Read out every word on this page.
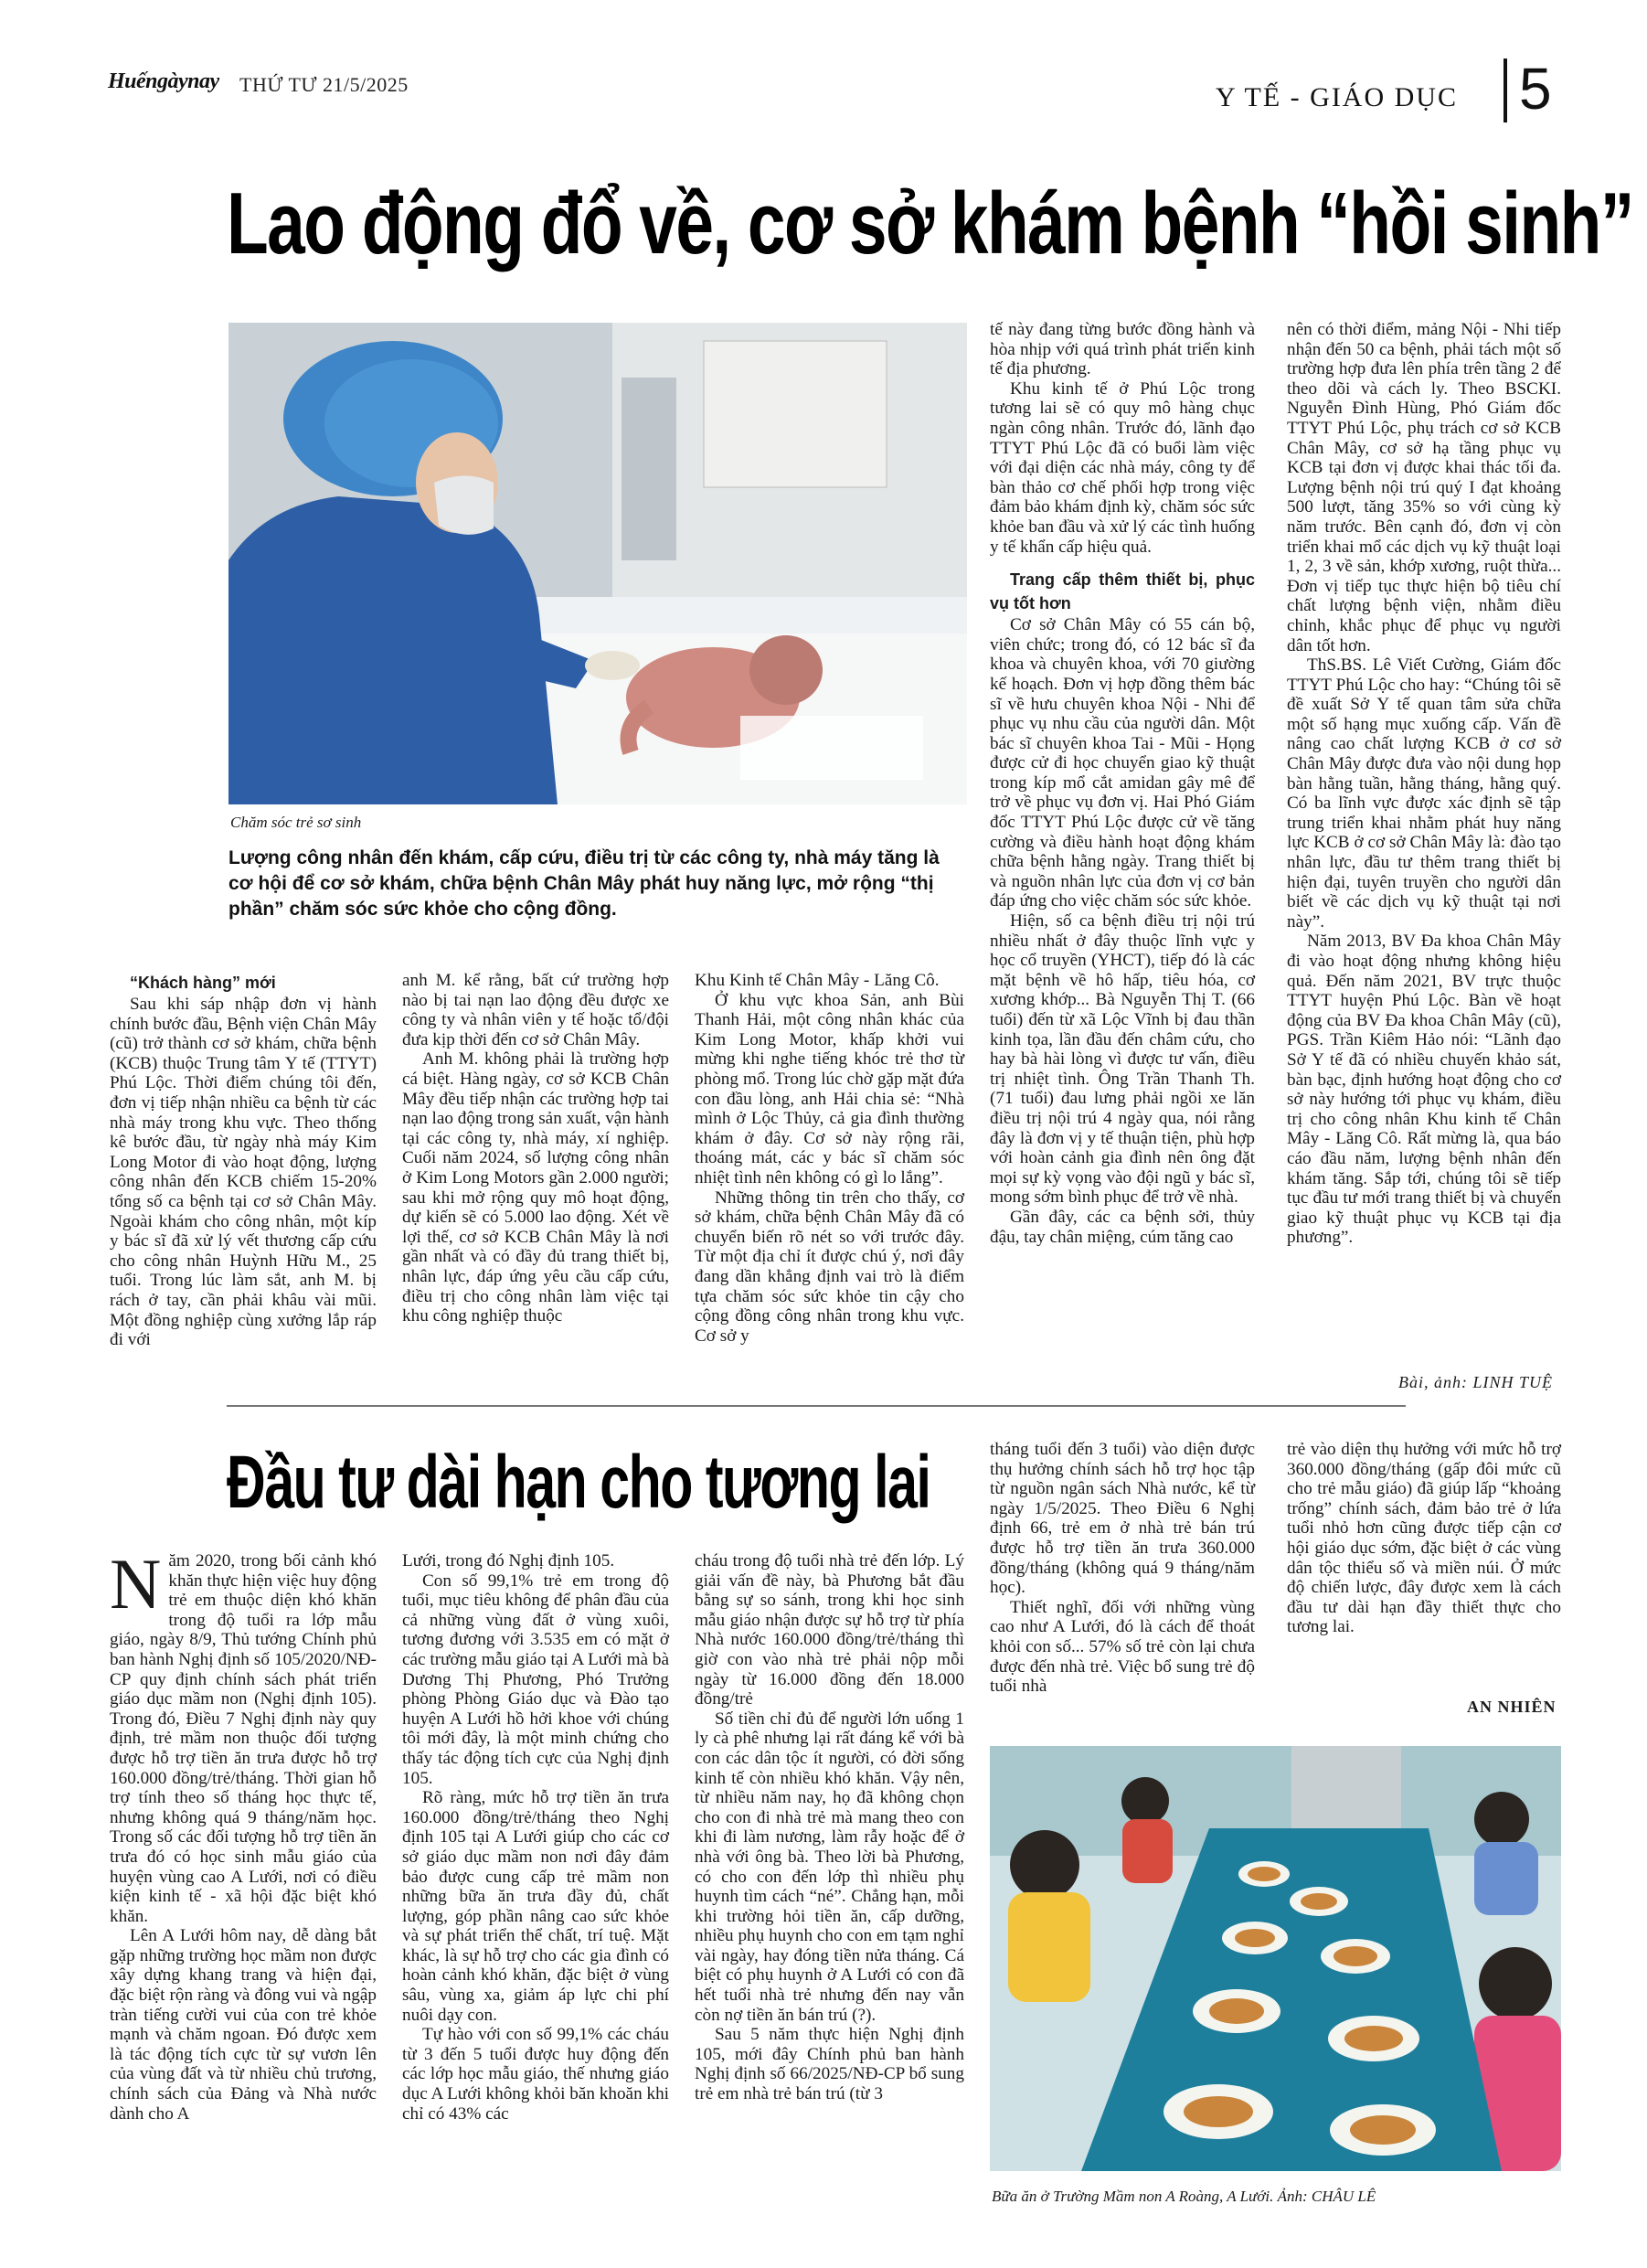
Huếngàynay THỨ TƯ 21/5/2025	Y TẾ - GIÁO DỤC 5
Lao động đổ về, cơ sở khám bệnh “hồi sinh”
Chăm sóc trẻ sơ sinh
Lượng công nhân đến khám, cấp cứu, điều trị từ các công ty, nhà máy tăng là cơ hội để cơ sở khám, chữa bệnh Chân Mây phát huy năng lực, mở rộng “thị phần” chăm sóc sức khỏe cho cộng đồng.

tế này đang từng bước đồng hành và hòa nhịp với quá trình phát triển kinh tế địa phương.

Khu kinh tế ở Phú Lộc trong tương lai sẽ có quy mô hàng chục ngàn công nhân. Trước đó, lãnh đạo TTYT Phú Lộc đã có buổi làm việc với đại diện các nhà máy, công ty để bàn thảo cơ chế phối hợp trong việc đảm bảo khám định kỳ, chăm sóc sức khỏe ban đầu và xử lý các tình huống y tế khẩn cấp hiệu quả.

Trang cấp thêm thiết bị, phục vụ tốt hơn

Cơ sở Chân Mây có 55 cán bộ, viên chức; trong đó, có 12 bác sĩ đa khoa và chuyên khoa, với 70 giường kế hoạch. Đơn vị hợp đồng thêm bác sĩ về hưu chuyên khoa Nội - Nhi để phục vụ nhu cầu của người dân. Một bác sĩ chuyên khoa Tai - Mũi - Họng được cử đi học chuyển giao kỹ thuật trong kíp mổ cắt amidan gây mê để trở về phục vụ đơn vị. Hai Phó Giám đốc TTYT Phú Lộc được cử về tăng cường và điều hành hoạt động khám chữa bệnh hằng ngày. Trang thiết bị và nguồn nhân lực của đơn vị cơ bản đáp ứng cho việc chăm sóc sức khỏe.

Hiện, số ca bệnh điều trị nội trú nhiều nhất ở đây thuộc lĩnh vực y học cổ truyền (YHCT), tiếp đó là các mặt bệnh về hô hấp, tiêu hóa, cơ xương khớp... Bà Nguyễn Thị T. (66 tuổi) đến từ xã Lộc Vĩnh bị đau thần kinh tọa, lần đầu đến châm cứu, cho hay bà hài lòng vì được tư vấn, điều trị nhiệt tình. Ông Trần Thanh Th. (71 tuổi) đau lưng phải ngồi xe lăn điều trị nội trú 4 ngày qua, nói rằng đây là đơn vị y tế thuận tiện, phù hợp với hoàn cảnh gia đình nên ông đặt mọi sự kỳ vọng vào đội ngũ y bác sĩ, mong sớm bình phục để trở về nhà.

Gần đây, các ca bệnh sởi, thủy đậu, tay chân miệng, cúm tăng cao

nên có thời điểm, mảng Nội - Nhi tiếp nhận đến 50 ca bệnh, phải tách một số trường hợp đưa lên phía trên tầng 2 để theo dõi và cách ly. Theo BSCKI. Nguyễn Đình Hùng, Phó Giám đốc TTYT Phú Lộc, phụ trách cơ sở KCB Chân Mây, cơ sở hạ tầng phục vụ KCB tại đơn vị được khai thác tối đa. Lượng bệnh nội trú quý I đạt khoảng 500 lượt, tăng 35% so với cùng kỳ năm trước. Bên cạnh đó, đơn vị còn triển khai mổ các dịch vụ kỹ thuật loại 1, 2, 3 về sản, khớp xương, ruột thừa... Đơn vị tiếp tục thực hiện bộ tiêu chí chất lượng bệnh viện, nhằm điều chỉnh, khắc phục để phục vụ người dân tốt hơn.

ThS.BS. Lê Viết Cường, Giám đốc TTYT Phú Lộc cho hay: “Chúng tôi sẽ đề xuất Sở Y tế quan tâm sửa chữa một số hạng mục xuống cấp. Vấn đề nâng cao chất lượng KCB ở cơ sở Chân Mây được đưa vào nội dung họp bàn hằng tuần, hằng tháng, hằng quý. Có ba lĩnh vực được xác định sẽ tập trung triển khai nhằm phát huy năng lực KCB ở cơ sở Chân Mây là: đào tạo nhân lực, đầu tư thêm trang thiết bị hiện đại, tuyên truyền cho người dân biết về các dịch vụ kỹ thuật tại nơi này”.

Năm 2013, BV Đa khoa Chân Mây đi vào hoạt động nhưng không hiệu quả. Đến năm 2021, BV trực thuộc TTYT huyện Phú Lộc. Bàn về hoạt động của BV Đa khoa Chân Mây (cũ), PGS. Trần Kiêm Hảo nói: “Lãnh đạo Sở Y tế đã có nhiều chuyến khảo sát, bàn bạc, định hướng hoạt động cho cơ sở này hướng tới phục vụ khám, điều trị cho công nhân Khu kinh tế Chân Mây - Lăng Cô. Rất mừng là, qua báo cáo đầu năm, lượng bệnh nhân đến khám tăng. Sắp tới, chúng tôi sẽ tiếp tục đầu tư mới trang thiết bị và chuyển giao kỹ thuật phục vụ KCB tại địa phương”.

“Khách hàng” mới

Sau khi sáp nhập đơn vị hành chính bước đầu, Bệnh viện Chân Mây (cũ) trở thành cơ sở khám, chữa bệnh (KCB) thuộc Trung tâm Y tế (TTYT) Phú Lộc. Thời điểm chúng tôi đến, đơn vị tiếp nhận nhiều ca bệnh từ các nhà máy trong khu vực. Theo thống kê bước đầu, từ ngày nhà máy Kim Long Motor đi vào hoạt động, lượng công nhân đến KCB chiếm 15-20% tổng số ca bệnh tại cơ sở Chân Mây. Ngoài khám cho công nhân, một kíp y bác sĩ đã xử lý vết thương cấp cứu cho công nhân Huỳnh Hữu M., 25 tuổi. Trong lúc làm sắt, anh M. bị rách ở tay, cần phải khâu vài mũi. Một đồng nghiệp cùng xưởng lắp ráp đi với

anh M. kể rằng, bất cứ trường hợp nào bị tai nạn lao động đều được xe công ty và nhân viên y tế hoặc tổ/đội đưa kịp thời đến cơ sở Chân Mây.

Anh M. không phải là trường hợp cá biệt. Hàng ngày, cơ sở KCB Chân Mây đều tiếp nhận các trường hợp tai nạn lao động trong sản xuất, vận hành tại các công ty, nhà máy, xí nghiệp. Cuối năm 2024, số lượng công nhân ở Kim Long Motors gần 2.000 người; sau khi mở rộng quy mô hoạt động, dự kiến sẽ có 5.000 lao động. Xét về lợi thế, cơ sở KCB Chân Mây là nơi gần nhất và có đầy đủ trang thiết bị, nhân lực, đáp ứng yêu cầu cấp cứu, điều trị cho công nhân làm việc tại khu công nghiệp thuộc

Khu Kinh tế Chân Mây - Lăng Cô.

Ở khu vực khoa Sản, anh Bùi Thanh Hải, một công nhân khác của Kim Long Motor, khấp khởi vui mừng khi nghe tiếng khóc trẻ thơ từ phòng mổ. Trong lúc chờ gặp mặt đứa con đầu lòng, anh Hải chia sẻ: “Nhà mình ở Lộc Thủy, cả gia đình thường khám ở đây. Cơ sở này rộng rãi, thoáng mát, các y bác sĩ chăm sóc nhiệt tình nên không có gì lo lắng”.

Những thông tin trên cho thấy, cơ sở khám, chữa bệnh Chân Mây đã có chuyển biến rõ nét so với trước đây. Từ một địa chỉ ít được chú ý, nơi đây đang dần khẳng định vai trò là điểm tựa chăm sóc sức khỏe tin cậy cho cộng đồng công nhân trong khu vực. Cơ sở y

Bài, ảnh: LINH TUỆ
Đầu tư dài hạn cho tương lai

Năm 2020, trong bối cảnh khó khăn thực hiện việc huy động trẻ em thuộc diện khó khăn trong độ tuổi ra lớp mẫu giáo, ngày 8/9, Thủ tướng Chính phủ ban hành Nghị định số 105/2020/NĐ-CP quy định chính sách phát triển giáo dục mầm non (Nghị định 105). Trong đó, Điều 7 Nghị định này quy định, trẻ mầm non thuộc đối tượng được hỗ trợ tiền ăn trưa được hỗ trợ 160.000 đồng/trẻ/tháng. Thời gian hỗ trợ tính theo số tháng học thực tế, nhưng không quá 9 tháng/năm học. Trong số các đối tượng hỗ trợ tiền ăn trưa đó có học sinh mẫu giáo của huyện vùng cao A Lưới, nơi có điều kiện kinh tế - xã hội đặc biệt khó khăn.

Lên A Lưới hôm nay, dễ dàng bắt gặp những trường học mầm non được xây dựng khang trang và hiện đại, đặc biệt rộn ràng và đông vui và ngập tràn tiếng cười vui của con trẻ khỏe mạnh và chăm ngoan. Đó được xem là tác động tích cực từ sự vươn lên của vùng đất và từ nhiều chủ trương, chính sách của Đảng và Nhà nước dành cho A

Lưới, trong đó Nghị định 105.

Con số 99,1% trẻ em trong độ tuổi, mục tiêu không để phân đầu của cả những vùng đất ở vùng xuôi, tương đương với 3.535 em có mặt ở các trường mẫu giáo tại A Lưới mà bà Dương Thị Phương, Phó Trưởng phòng Phòng Giáo dục và Đào tạo huyện A Lưới hồ hởi khoe với chúng tôi mới đây, là một minh chứng cho thấy tác động tích cực của Nghị định 105.

Rõ ràng, mức hỗ trợ tiền ăn trưa 160.000 đồng/trẻ/tháng theo Nghị định 105 tại A Lưới giúp cho các cơ sở giáo dục mầm non nơi đây đảm bảo được cung cấp trẻ mầm non những bữa ăn trưa đầy đủ, chất lượng, góp phần nâng cao sức khỏe và sự phát triển thể chất, trí tuệ. Mặt khác, là sự hỗ trợ cho các gia đình có hoàn cảnh khó khăn, đặc biệt ở vùng sâu, vùng xa, giảm áp lực chi phí nuôi dạy con.

Tự hào với con số 99,1% các cháu từ 3 đến 5 tuổi được huy động đến các lớp học mẫu giáo, thế nhưng giáo dục A Lưới không khỏi băn khoăn khi chỉ có 43% các

cháu trong độ tuổi nhà trẻ đến lớp. Lý giải vấn đề này, bà Phương bắt đầu bằng sự so sánh, trong khi học sinh mẫu giáo nhận được sự hỗ trợ từ phía Nhà nước 160.000 đồng/trẻ/tháng thì giờ con vào nhà trẻ phải nộp mỗi ngày từ 16.000 đồng đến 18.000 đồng/trẻ

Số tiền chỉ đủ để người lớn uống 1 ly cà phê nhưng lại rất đáng kể với bà con các dân tộc ít người, có đời sống kinh tế còn nhiều khó khăn. Vậy nên, từ nhiều năm nay, họ đã không chọn cho con đi nhà trẻ mà mang theo con khi đi làm nương, làm rẫy hoặc để ở nhà với ông bà. Theo lời bà Phương, có cho con đến lớp thì nhiều phụ huynh tìm cách “né”. Chẳng hạn, mỗi khi trường hỏi tiền ăn, cấp dưỡng, nhiều phụ huynh cho con em tạm nghỉ vài ngày, hay đóng tiền nửa tháng. Cá biệt có phụ huynh ở A Lưới có con đã hết tuổi nhà trẻ nhưng đến nay vẫn còn nợ tiền ăn bán trú (?).

Sau 5 năm thực hiện Nghị định 105, mới đây Chính phủ ban hành Nghị định số 66/2025/NĐ-CP bổ sung trẻ em nhà trẻ bán trú (từ 3

tháng tuổi đến 3 tuổi) vào diện được thụ hưởng chính sách hỗ trợ học tập từ nguồn ngân sách Nhà nước, kể từ ngày 1/5/2025. Theo Điều 6 Nghị định 66, trẻ em ở nhà trẻ bán trú được hỗ trợ tiền ăn trưa 360.000 đồng/tháng (không quá 9 tháng/năm học).

Thiết nghĩ, đối với những vùng cao như A Lưới, đó là cách để thoát khỏi con số... 57% số trẻ còn lại chưa được đến nhà trẻ. Việc bổ sung trẻ độ tuổi nhà

trẻ vào diện thụ hưởng với mức hỗ trợ 360.000 đồng/tháng (gấp đôi mức cũ cho trẻ mẫu giáo) đã giúp lấp “khoảng trống” chính sách, đảm bảo trẻ ở lứa tuổi nhỏ hơn cũng được tiếp cận cơ hội giáo dục sớm, đặc biệt ở các vùng dân tộc thiểu số và miền núi. Ở mức độ chiến lược, đây được xem là cách đầu tư dài hạn đầy thiết thực cho tương lai.

AN NHIÊN
Bữa ăn ở Trường Mầm non A Roàng, A Lưới. Ảnh: CHÂU LÊ
